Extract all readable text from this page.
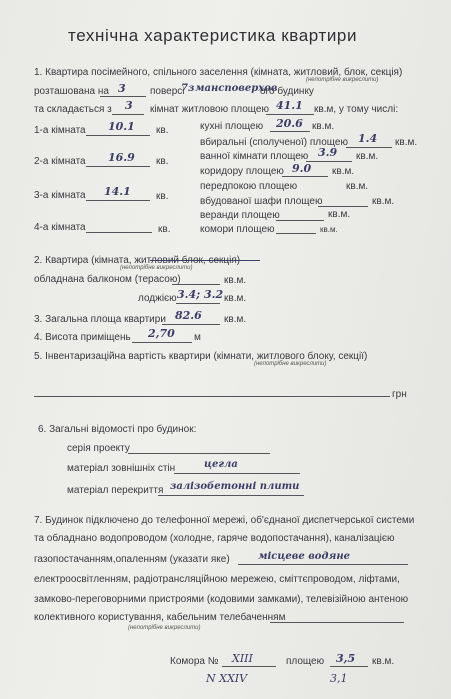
технічна характеристика квартири
1. Квартира посімейного, спільного заселення (кімната, житловий, блок, секція)
(непотрібне викреслити)
розташована на 3 поверсі
7з мансповерхов
ого будинку
та складається з 3 кімнат житловою площею 41.1 кв.м, у тому числі:
1-а кімната 10.1 кв.
2-а кімната 16.9 кв.
3-а кімната 14.1	кв.
4-а кімната	кв.
кухні площею 20.6 кв.м.
вбиральні (сполученої) площею 1.4 кв.м.
ванної кімнати площею 3.9 кв.м.
коридору площею 9.0 кв.м.
передпокою площею	кв.м.
вбудованої шафи площею	кв.м.
веранди площею	кв.м.
комори площею	кв.м.
2. Квартира (кімната, житловий блок, секція)
(непотрібне викреслити)
обладнана балконом (терасою)	кв.м.
лоджією 3.4; 3.2 кв.м.
3. Загальна площа квартири 82.6 кв.м.
4. Висота приміщень 2,70 м
5. Інвентаризаційна вартість квартири (кімнати, житлового блоку, секції)
(непотрібне викреслити)
грн
6. Загальні відомості про будинок:
серія проекту
матеріал зовнішніх стін	цегла
матеріал перекриття залізобетонні плити
7. Будинок підключено до телефонної мережі, об'єднаної диспетчерської системи
та обладнано водопроводом (холодне, гаряче водопостачання), каналізацією
газопостачанням,опаленням (указати яке)	місцеве водяне
електроосвітленням, радіотрансляційною мережею, сміттєпроводом, ліфтами,
замково-переговорними пристроями (кодовими замками), телевізійною антеною
колективного користування, кабельним телебаченням
(непотрібне викреслити)
Комора № XIII	площею 3,5 кв.м.
N XXIV	3,1
